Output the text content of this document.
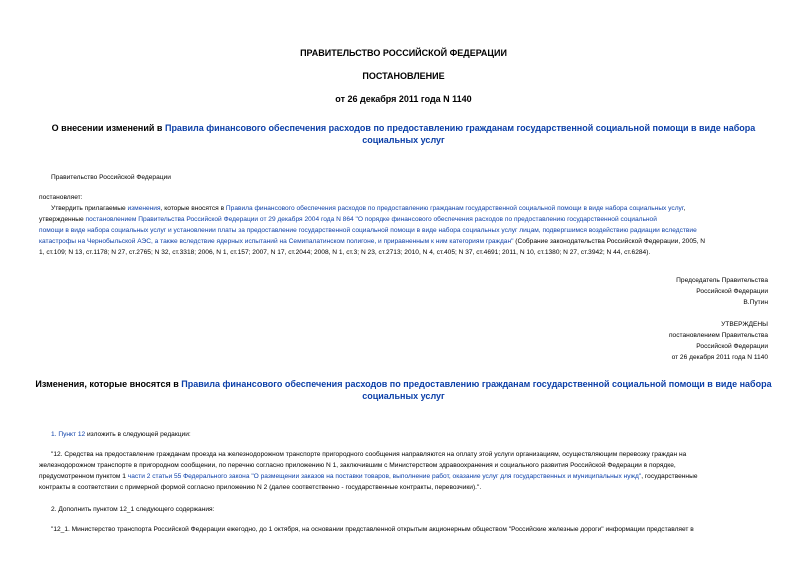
ПРАВИТЕЛЬСТВО РОССИЙСКОЙ ФЕДЕРАЦИИ
ПОСТАНОВЛЕНИЕ
от 26 декабря 2011 года N 1140
О внесении изменений в Правила финансового обеспечения расходов по предоставлению гражданам государственной социальной помощи в виде набора
социальных услуг
Правительство Российской Федерации
постановляет:
Утвердить прилагаемые изменения, которые вносятся в Правила финансового обеспечения расходов по предоставлению гражданам государственной социальной помощи в виде набора социальных услуг,
утвержденные постановлением Правительства Российской Федерации от 29 декабря 2004 года N 864 "О порядке финансового обеспечения расходов по предоставлению государственной социальной
помощи в виде набора социальных услуг и установлении платы за предоставление государственной социальной помощи в виде набора социальных услуг лицам, подвергшимся воздействию радиации вследствие
катастрофы на Чернобыльской АЭС, а также вследствие ядерных испытаний на Семипалатинском полигоне, и приравненным к ним категориям граждан" (Собрание законодательства Российской Федерации, 2005, N
1, ст.109; N 13, ст.1178; N 27, ст.2765; N 32, ст.3318; 2006, N 1, ст.157; 2007, N 17, ст.2044; 2008, N 1, ст.3; N 23, ст.2713; 2010, N 4, ст.405; N 37, ст.4691; 2011, N 10, ст.1380; N 27, ст.3942; N 44, ст.6284).
Председатель Правительства
Российской Федерации
В.Путин
УТВЕРЖДЕНЫ
постановлением Правительства
Российской Федерации
от 26 декабря 2011 года N 1140
Изменения, которые вносятся в Правила финансового обеспечения расходов по предоставлению гражданам государственной социальной помощи в виде набора
социальных услуг
1. Пункт 12 изложить в следующей редакции:
"12. Средства на предоставление гражданам проезда на железнодорожном транспорте пригородного сообщения направляются на оплату этой услуги организациям, осуществляющим перевозку граждан на
железнодорожном транспорте в пригородном сообщении, по перечню согласно приложению N 1, заключившим с Министерством здравоохранения и социального развития Российской Федерации в порядке,
предусмотренном пунктом 1 части 2 статьи 55 Федерального закона "О размещении заказов на поставки товаров, выполнение работ, оказание услуг для государственных и муниципальных нужд", государственные
контракты в соответствии с примерной формой согласно приложению N 2 (далее соответственно - государственные контракты, перевозчики).".
2. Дополнить пунктом 12_1 следующего содержания:
"12_1. Министерство транспорта Российской Федерации ежегодно, до 1 октября, на основании представленной открытым акционерным обществом "Российские железные дороги" информации представляет в
